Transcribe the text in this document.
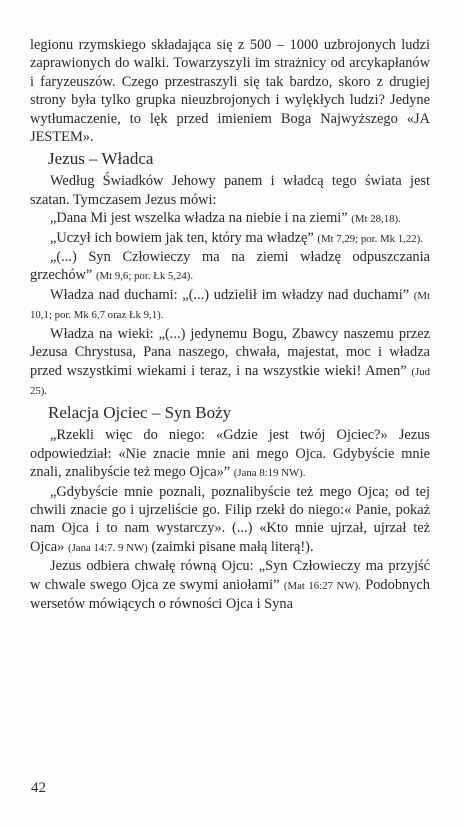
legionu rzymskiego składająca się z 500 – 1000 uzbrojonych ludzi zaprawionych do walki. Towarzyszyli im strażnicy od arcykapłanów i faryzeuszów. Czego przestraszyli się tak bardzo, skoro z drugiej strony była tylko grupka nieuzbrojonych i wylękłych ludzi? Jedyne wytłumaczenie, to lęk przed imieniem Boga Najwyższego «JA JESTEM».

Jezus – Władca

Według Świadków Jehowy panem i władcą tego świata jest szatan. Tymczasem Jezus mówi:

„Dana Mi jest wszelka władza na niebie i na ziemi” (Mt 28,18).

„Uczył ich bowiem jak ten, który ma władzę” (Mt 7,29; por. Mk 1,22).

„(...) Syn Człowieczy ma na ziemi władzę odpuszczania grzechów” (Mt 9,6; por. Łk 5,24).

Władza nad duchami: „(...) udzielił im władzy nad duchami” (Mt 10,1; por. Mk 6,7 oraz Łk 9,1).

Władza na wieki: „(...) jedynemu Bogu, Zbawcy naszemu przez Jezusa Chrystusa, Pana naszego, chwała, majestat, moc i władza przed wszystkimi wiekami i teraz, i na wszystkie wieki! Amen” (Jud 25).

Relacja Ojciec – Syn Boży

„Rzekli więc do niego: «Gdzie jest twój Ojciec?» Jezus odpowiedział: «Nie znacie mnie ani mego Ojca. Gdybyście mnie znali, znalibyście też mego Ojca»” (Jana 8:19 NW).

„Gdybyście mnie poznali, poznalibyście też mego Ojca; od tej chwili znacie go i ujrzeliście go. Filip rzekł do niego:« Panie, pokaż nam Ojca i to nam wystarczy». (...) «Kto mnie ujrzał, ujrzał też Ojca» (Jana 14:7. 9 NW) (zaimki pisane małą literą!).

Jezus odbiera chwałę równą Ojcu: „Syn Człowieczy ma przyjść w chwale swego Ojca ze swymi aniołami” (Mat 16:27 NW). Podobnych wersetów mówiących o równości Ojca i Syna

42
